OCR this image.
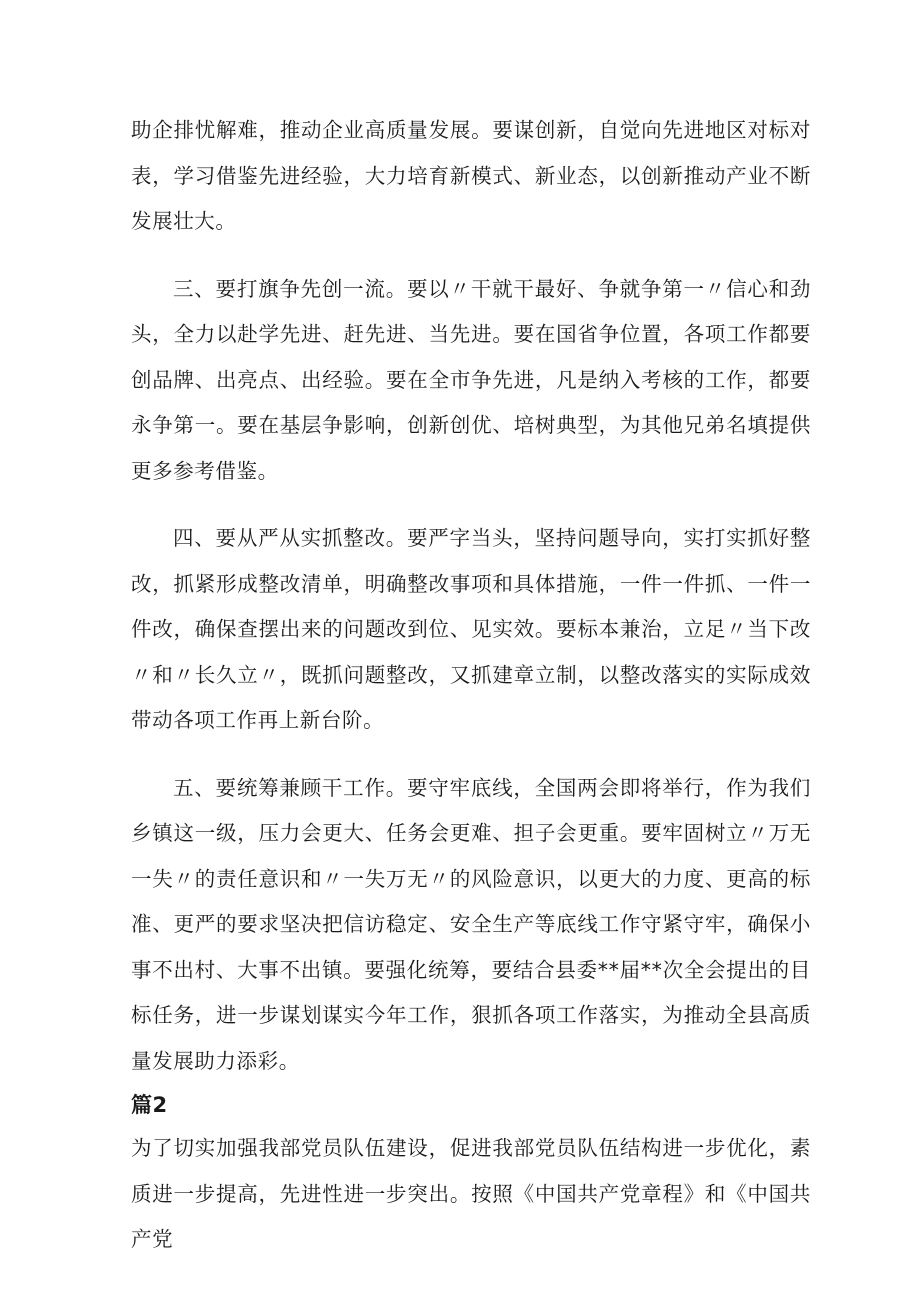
助企排忧解难，推动企业高质量发展。要谋创新，自觉向先进地区对标对表，学习借鉴先进经验，大力培育新模式、新业态，以创新推动产业不断发展壮大。

三、要打旗争先创一流。要以〃干就干最好、争就争第一〃信心和劲头，全力以赴学先进、赶先进、当先进。要在国省争位置，各项工作都要创品牌、出亮点、出经验。要在全市争先进，凡是纳入考核的工作，都要永争第一。要在基层争影响，创新创优、培树典型，为其他兄弟名填提供更多参考借鉴。

四、要从严从实抓整改。要严字当头，坚持问题导向，实打实抓好整改，抓紧形成整改清单，明确整改事项和具体措施，一件一件抓、一件一件改，确保查摆出来的问题改到位、见实效。要标本兼治，立足〃当下改〃和〃长久立〃，既抓问题整改，又抓建章立制，以整改落实的实际成效带动各项工作再上新台阶。

五、要统筹兼顾干工作。要守牢底线，全国两会即将举行，作为我们乡镇这一级，压力会更大、任务会更难、担子会更重。要牢固树立〃万无一失〃的责任意识和〃一失万无〃的风险意识，以更大的力度、更高的标准、更严的要求坚决把信访稳定、安全生产等底线工作守紧守牢，确保小事不出村、大事不出镇。要强化统筹，要结合县委**届**次全会提出的目标任务，进一步谋划谋实今年工作，狠抓各项工作落实，为推动全县高质量发展助力添彩。

篇2

为了切实加强我部党员队伍建设，促进我部党员队伍结构进一步优化，素质进一步提高，先进性进一步突出。按照《中国共产党章程》和《中国共产党
